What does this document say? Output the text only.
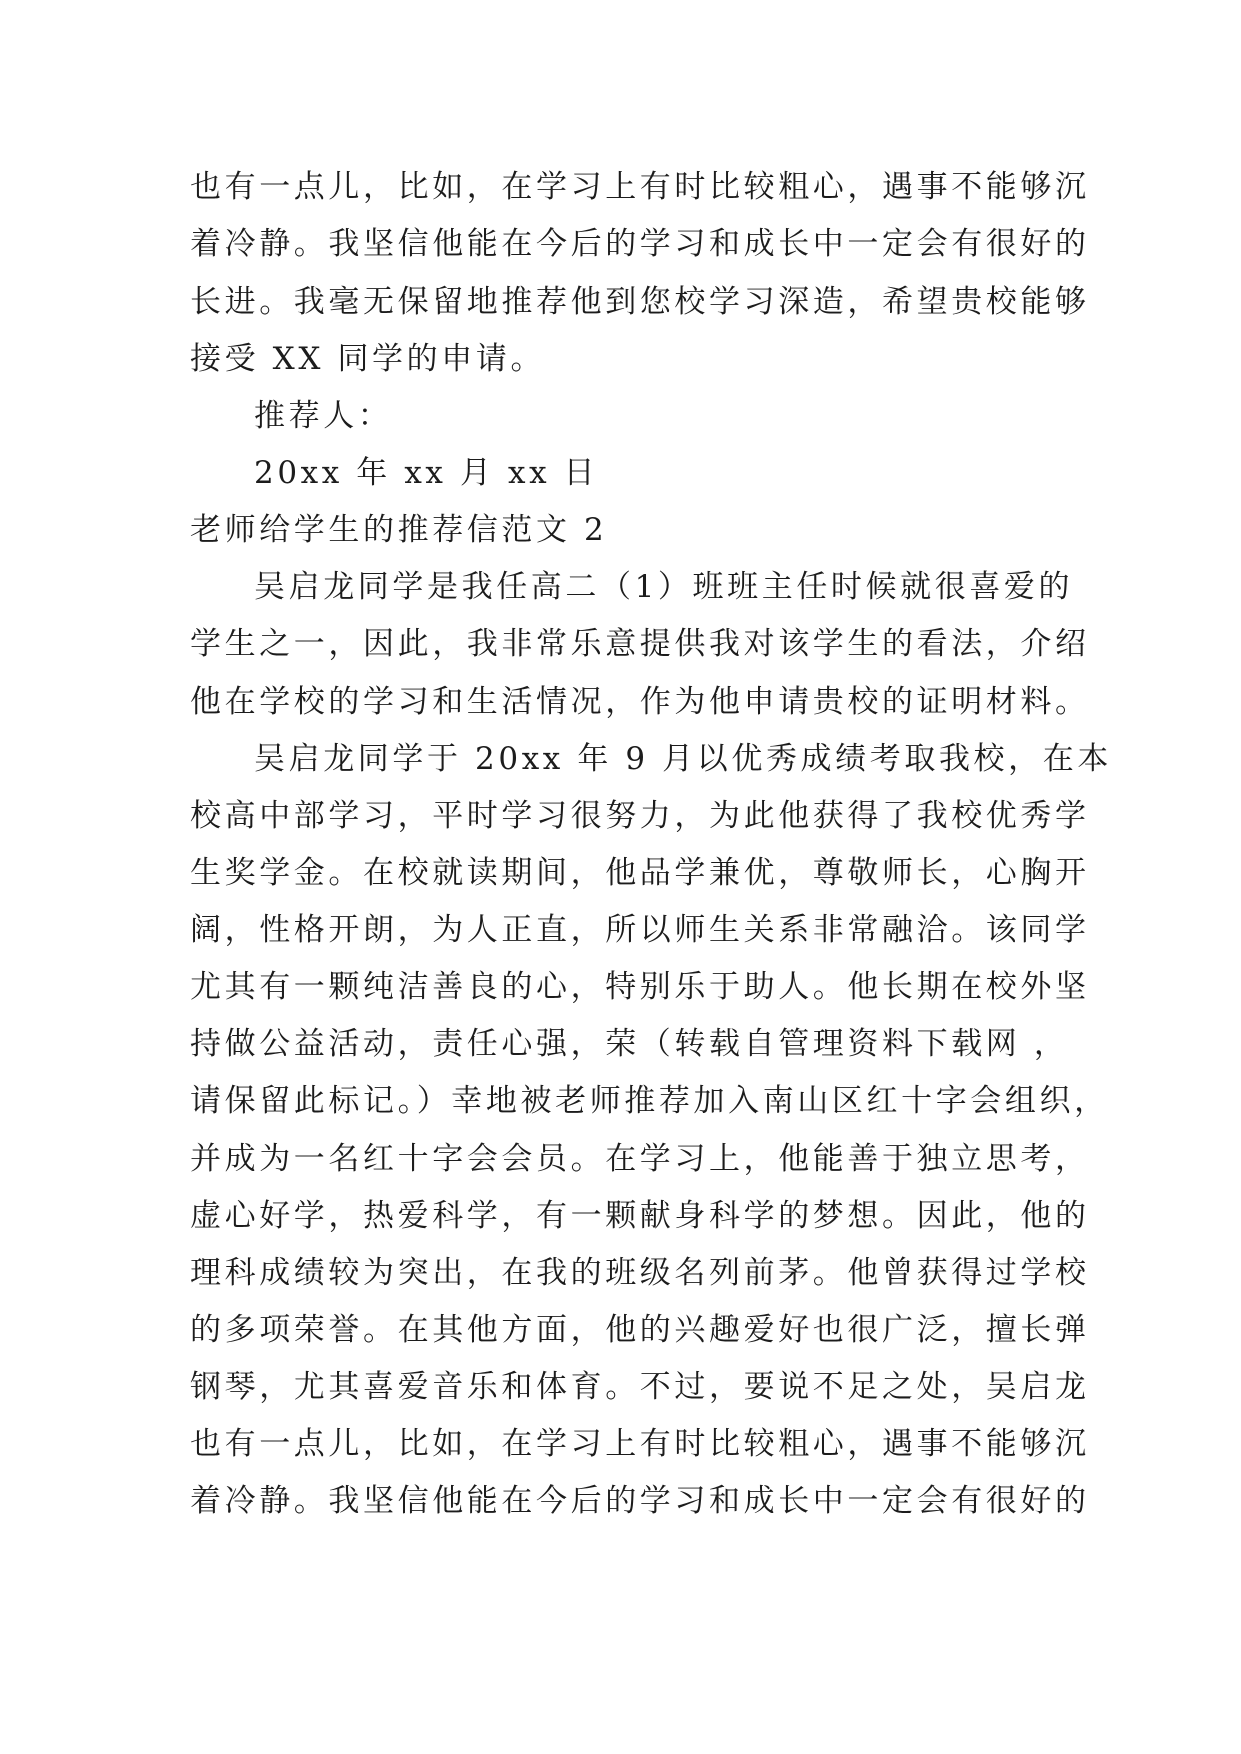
也有一点儿，比如，在学习上有时比较粗心，遇事不能够沉
着冷静。我坚信他能在今后的学习和成长中一定会有很好的
长进。我毫无保留地推荐他到您校学习深造，希望贵校能够
接受 XX 同学的申请。
推荐人：
20xx 年 xx 月 xx 日
老师给学生的推荐信范文 2
吴启龙同学是我任高二（1）班班主任时候就很喜爱的
学生之一，因此，我非常乐意提供我对该学生的看法，介绍
他在学校的学习和生活情况，作为他申请贵校的证明材料。
吴启龙同学于 20xx 年 9 月以优秀成绩考取我校，在本
校高中部学习，平时学习很努力，为此他获得了我校优秀学
生奖学金。在校就读期间，他品学兼优，尊敬师长，心胸开
阔，性格开朗，为人正直，所以师生关系非常融洽。该同学
尤其有一颗纯洁善良的心，特别乐于助人。他长期在校外坚
持做公益活动，责任心强，荣（转载自管理资料下载网 ，
请保留此标记。）幸地被老师推荐加入南山区红十字会组织，
并成为一名红十字会会员。在学习上，他能善于独立思考，
虚心好学，热爱科学，有一颗献身科学的梦想。因此，他的
理科成绩较为突出，在我的班级名列前茅。他曾获得过学校
的多项荣誉。在其他方面，他的兴趣爱好也很广泛，擅长弹
钢琴，尤其喜爱音乐和体育。不过，要说不足之处，吴启龙
也有一点儿，比如，在学习上有时比较粗心，遇事不能够沉
着冷静。我坚信他能在今后的学习和成长中一定会有很好的
